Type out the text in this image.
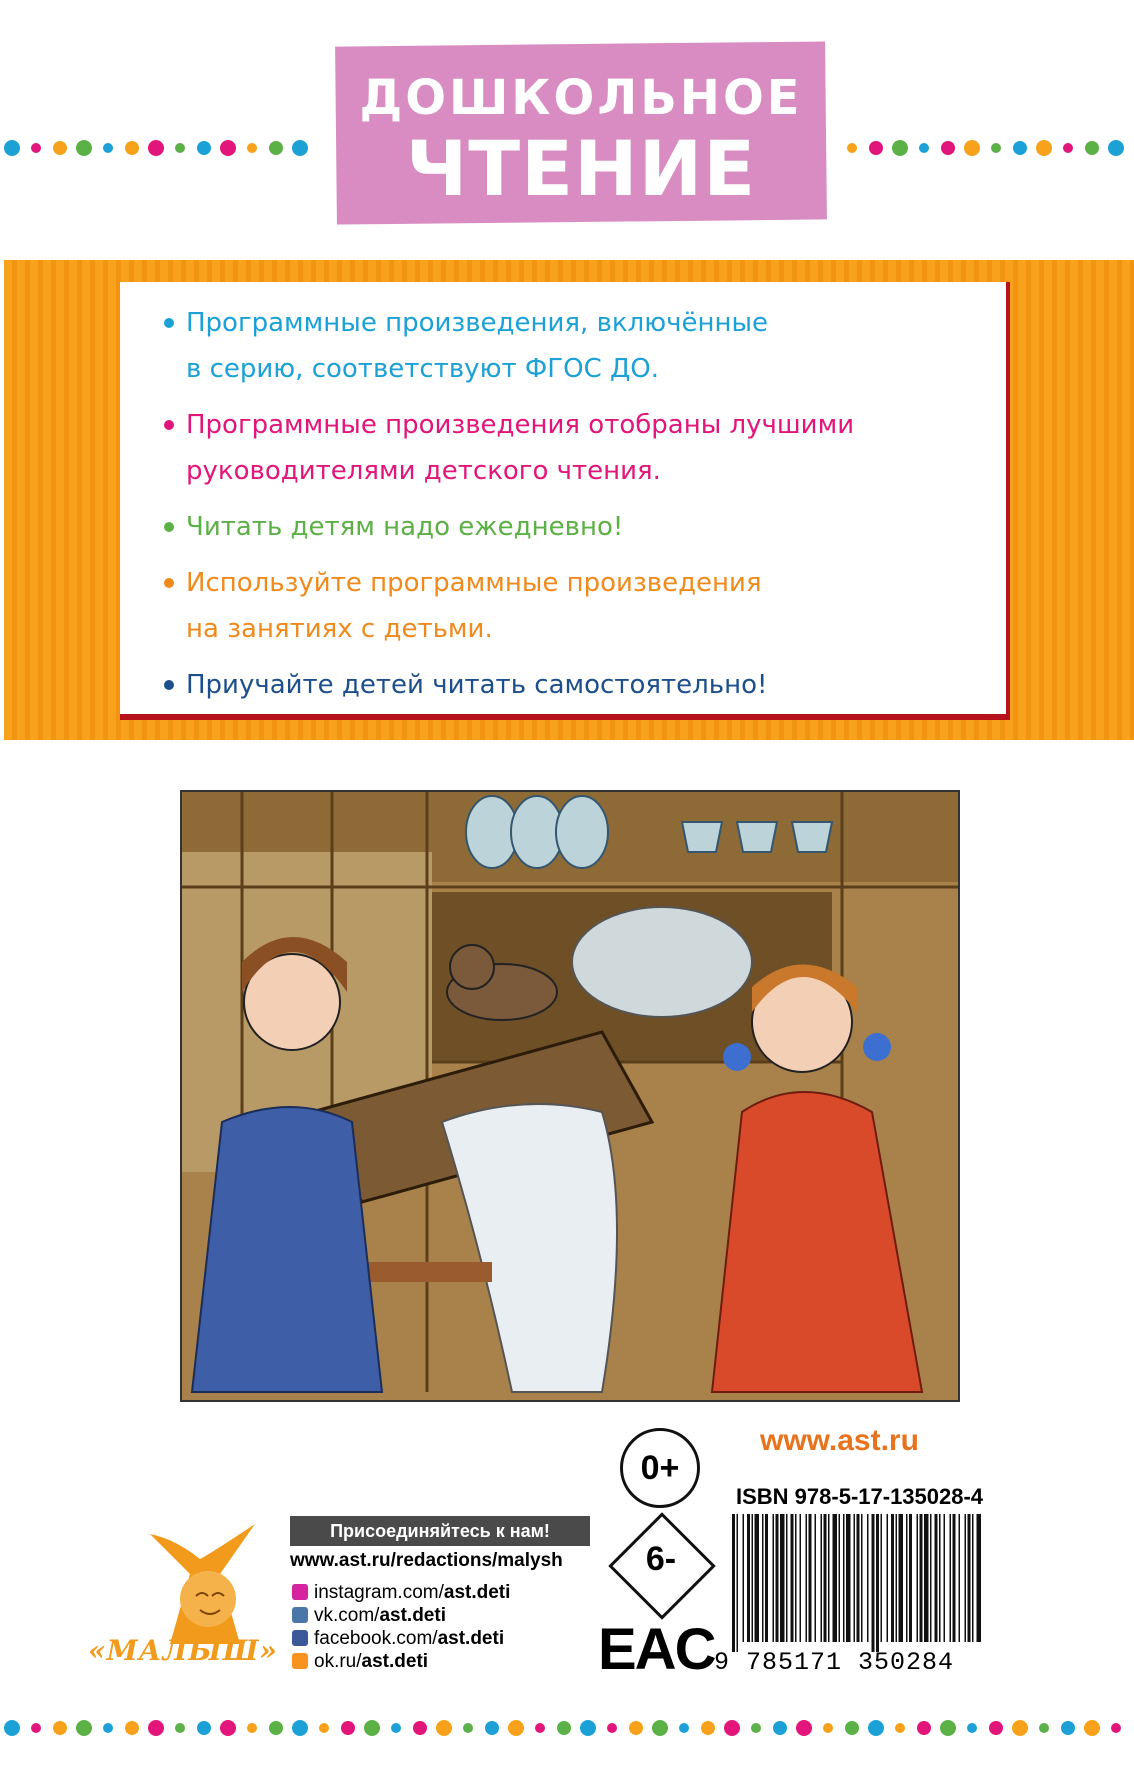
ДОШКОЛЬНОЕ
ЧТЕНИЕ
Программные произведения, включённые
в серию, соответствуют ФГОС ДО.
Программные произведения отобраны лучшими
руководителями детского чтения.
Читать детям надо ежедневно!
Используйте программные произведения
на занятиях с детьми.
Приучайте детей читать самостоятельно!
www.ast.ru
0+
6-
EAC
ISBN 978-5-17-135028-4
9 785171 350284
Присоединяйтесь к нам!
www.ast.ru/redactions/malysh
instagram.com/ast.deti
vk.com/ast.deti
facebook.com/ast.deti
ok.ru/ast.deti
«МАЛЫШ»
